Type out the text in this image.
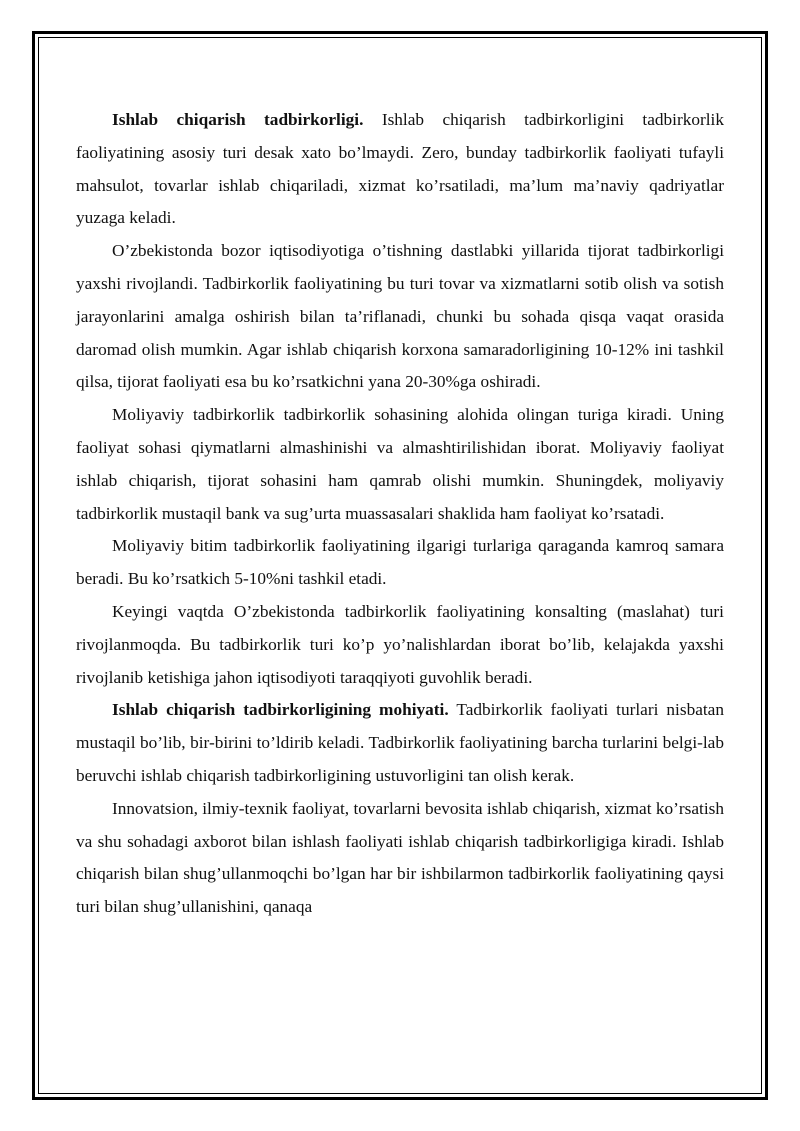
Ishlab chiqarish tadbirkorligi. Ishlab chiqarish tadbirkorligini tadbirkorlik faoliyatining asosiy turi desak xato bo’lmaydi. Zero, bunday tadbirkorlik faoliyati tufayli mahsulot, tovarlar ishlab chiqariladi, xizmat ko’rsatiladi, ma’lum ma’naviy qadriyatlar yuzaga keladi.

O’zbekistonda bozor iqtisodiyotiga o’tishning dastlabki yillarida tijorat tadbirkorligi yaxshi rivojlandi. Tadbirkorlik faoliyatining bu turi tovar va xizmatlarni sotib olish va sotish jarayonlarini amalga oshirish bilan ta’riflanadi, chunki bu sohada qisqa vaqat orasida daromad olish mumkin. Agar ishlab chiqarish korxona samaradorligining 10-12% ini tashkil qilsa, tijorat faoliyati esa bu ko’rsatkichni yana 20-30%ga oshiradi.

Moliyaviy tadbirkorlik tadbirkorlik sohasining alohida olingan turiga kiradi. Uning faoliyat sohasi qiymatlarni almashinishi va almashtirilishidan iborat. Moliyaviy faoliyat ishlab chiqarish, tijorat sohasini ham qamrab olishi mumkin. Shuningdek, moliyaviy tadbirkorlik mustaqil bank va sug’urta muassasalari shaklida ham faoliyat ko’rsatadi.

Moliyaviy bitim tadbirkorlik faoliyatining ilgarigi turlariga qaraganda kamroq samara beradi. Bu ko’rsatkich 5-10%ni tashkil etadi.

Keyingi vaqtda O’zbekistonda tadbirkorlik faoliyatining konsalting (maslahat) turi rivojlanmoqda. Bu tadbirkorlik turi ko’p yo’nalishlardan iborat bo’lib, kelajakda yaxshi rivojlanib ketishiga jahon iqtisodiyoti taraqqiyoti guvohlik beradi.

Ishlab chiqarish tadbirkorligining mohiyati. Tadbirkorlik faoliyati turlari nisbatan mustaqil bo’lib, bir-birini to’ldirib keladi. Tadbirkorlik faoliyatining barcha turlarini belgi-lab beruvchi ishlab chiqarish tadbirkorligining ustuvorligini tan olish kerak.

Innovatsion, ilmiy-texnik faoliyat, tovarlarni bevosita ishlab chiqarish, xizmat ko’rsatish va shu sohadagi axborot bilan ishlash faoliyati ishlab chiqarish tadbirkorligiga kiradi. Ishlab chiqarish bilan shug’ullanmoqchi bo’lgan har bir ishbilarmon tadbirkorlik faoliyatining qaysi turi bilan shug’ullanishini, qanaqa
